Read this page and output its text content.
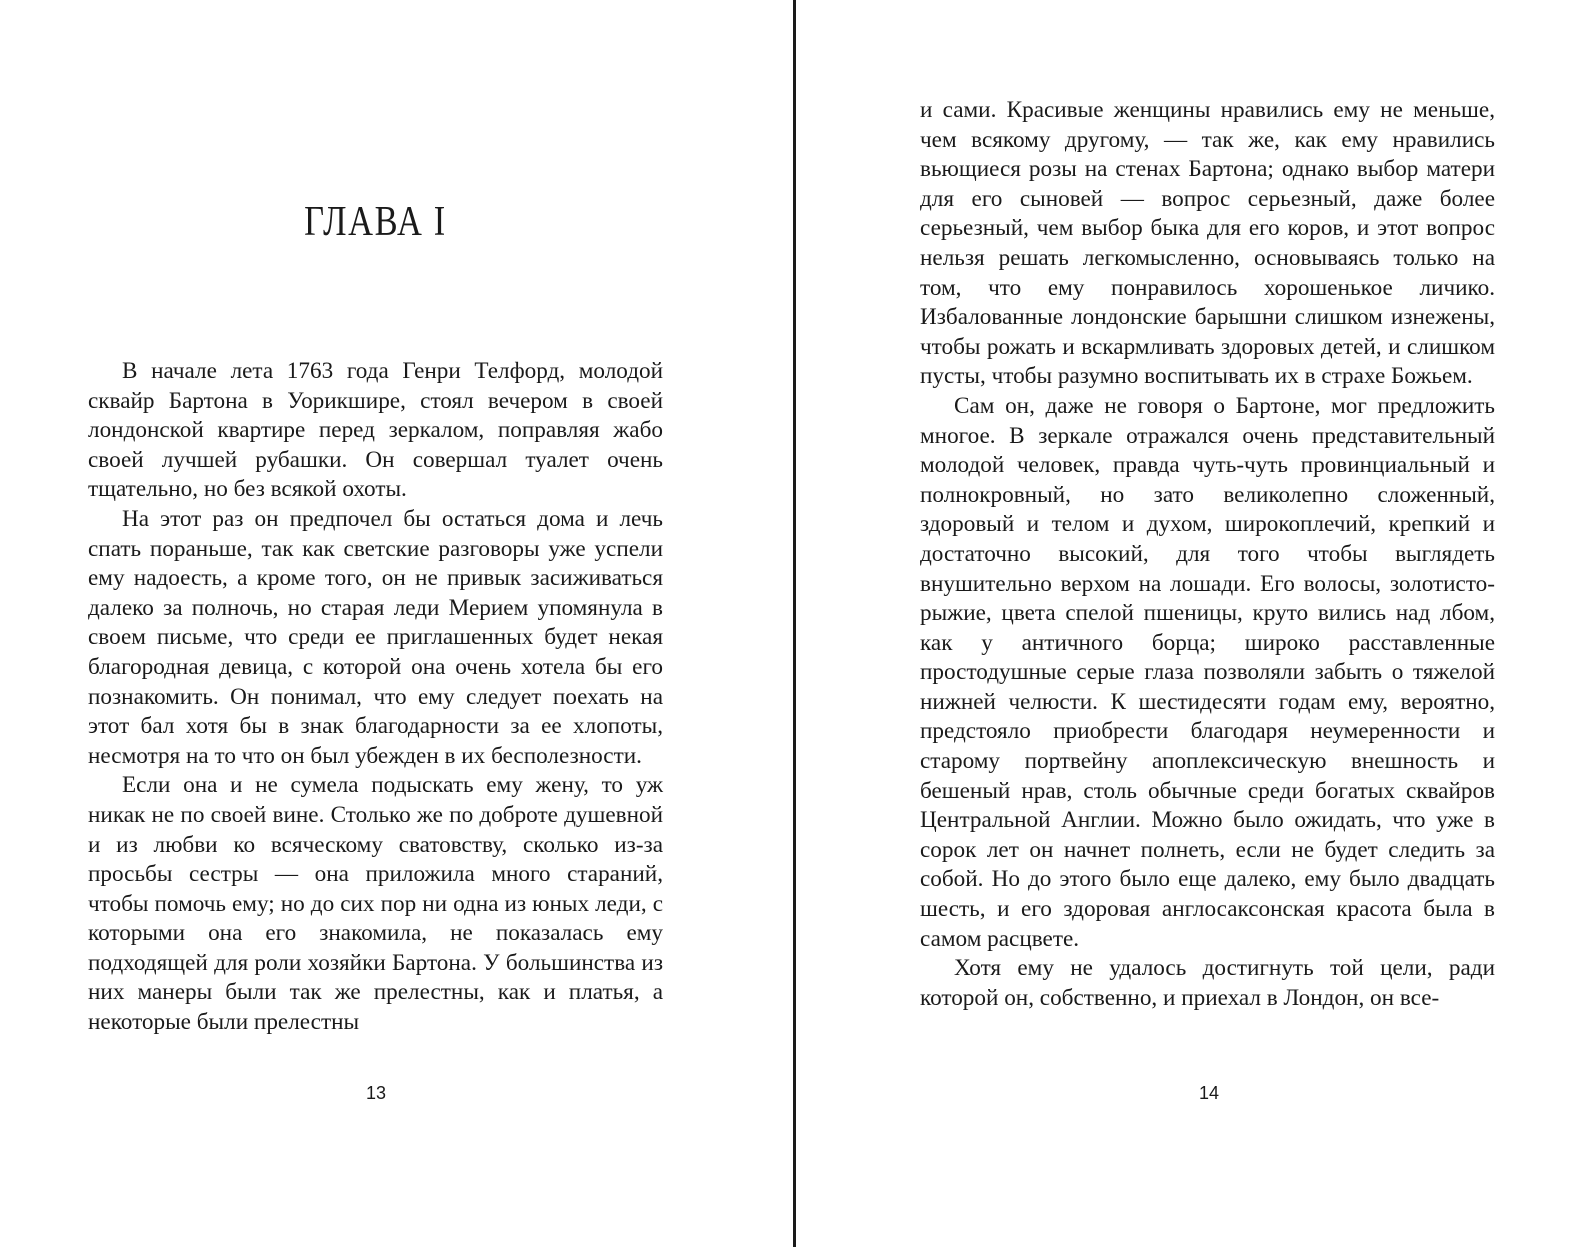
ГЛАВА I

В начале лета 1763 года Генри Телфорд, молодой сквайр Бартона в Уорикшире, стоял вечером в своей лондонской квартире перед зеркалом, поправляя жабо своей лучшей рубашки. Он совершал туалет очень тщательно, но без всякой охоты.

На этот раз он предпочел бы остаться дома и лечь спать пораньше, так как светские разговоры уже успели ему надоесть, а кроме того, он не привык засиживаться далеко за полночь, но старая леди Мерием упомянула в своем письме, что среди ее приглашенных будет некая благородная девица, с которой она очень хотела бы его познакомить. Он понимал, что ему следует поехать на этот бал хотя бы в знак благодарности за ее хлопоты, несмотря на то что он был убежден в их бесполезности.

Если она и не сумела подыскать ему жену, то уж никак не по своей вине. Столько же по доброте душевной и из любви ко всяческому сватовству, сколько из-за просьбы сестры — она приложила много стараний, чтобы помочь ему; но до сих пор ни одна из юных леди, с которыми она его знакомила, не показалась ему подходящей для роли хозяйки Бартона. У большинства из них манеры были так же прелестны, как и платья, а некоторые были прелестны

13

и сами. Красивые женщины нравились ему не меньше, чем всякому другому, — так же, как ему нравились вьющиеся розы на стенах Бартона; однако выбор матери для его сыновей — вопрос серьезный, даже более серьезный, чем выбор быка для его коров, и этот вопрос нельзя решать легкомысленно, основываясь только на том, что ему понравилось хорошенькое личико. Избалованные лондонские барышни слишком изнежены, чтобы рожать и вскармливать здоровых детей, и слишком пусты, чтобы разумно воспитывать их в страхе Божьем.

Сам он, даже не говоря о Бартоне, мог предложить многое. В зеркале отражался очень представительный молодой человек, правда чуть-чуть провинциальный и полнокровный, но зато великолепно сложенный, здоровый и телом и духом, широкоплечий, крепкий и достаточно высокий, для того чтобы выглядеть внушительно верхом на лошади. Его волосы, золотисто-рыжие, цвета спелой пшеницы, круто вились над лбом, как у античного борца; широко расставленные простодушные серые глаза позволяли забыть о тяжелой нижней челюсти. К шестидесяти годам ему, вероятно, предстояло приобрести благодаря неумеренности и старому портвейну апоплексическую внешность и бешеный нрав, столь обычные среди богатых сквайров Центральной Англии. Можно было ожидать, что уже в сорок лет он начнет полнеть, если не будет следить за собой. Но до этого было еще далеко, ему было двадцать шесть, и его здоровая англосаксонская красота была в самом расцвете.

Хотя ему не удалось достигнуть той цели, ради которой он, собственно, и приехал в Лондон, он все-

14
